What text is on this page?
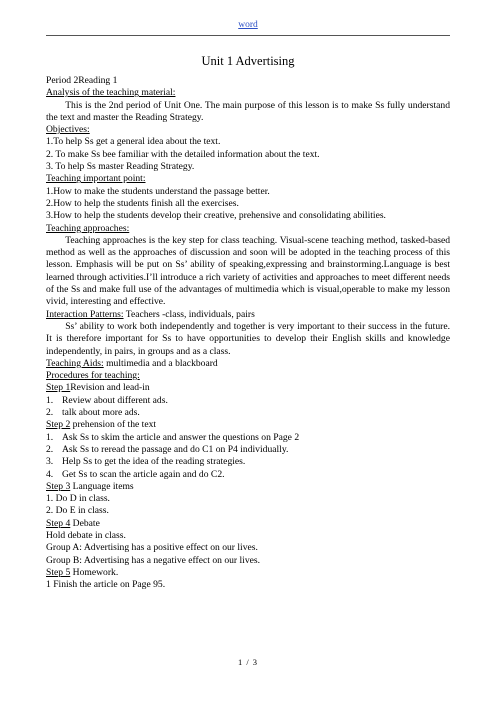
word
Unit 1 Advertising

Period 2Reading 1

Analysis of the teaching material:

This is the 2nd period of Unit One. The main purpose of this lesson is to make Ss fully understand the text and master the Reading Strategy.

Objectives:

1.To help Ss get a general idea about the text.

2. To make Ss bee familiar with the detailed information about the text.

3. To help Ss master Reading Strategy.

Teaching important point:

1.How to make the students understand the passage better.

2.How to help the students finish all the exercises.

3.How to help the students develop their creative, prehensive and consolidating abilities.

Teaching approaches:

Teaching approaches is the key step for class teaching. Visual-scene teaching method, tasked-based method as well as the approaches of discussion and soon will be adopted in the teaching process of this lesson. Emphasis will be put on Ss’ ability of speaking,expressing and brainstorming.Language is best learned through activities.I’ll introduce a rich variety of activities and approaches to meet different needs of the Ss and make full use of the advantages of multimedia which is visual,operable to make my lesson vivid, interesting and effective.

Interaction Patterns: Teachers -class, individuals, pairs

Ss’ ability to work both independently and together is very important to their success in the future. It is therefore important for Ss to have opportunities to develop their English skills and knowledge independently, in pairs, in groups and as a class.

Teaching Aids: multimedia and a blackboard

Procedures for teaching:

Step 1Revision and lead-in

1. Review about different ads.

2. talk about more ads.

Step 2 prehension of the text

1. Ask Ss to skim the article and answer the questions on Page 2

2. Ask Ss to reread the passage and do C1 on P4 individually.

3. Help Ss to get the idea of the reading strategies.

4. Get Ss to scan the article again and do C2.

Step 3 Language items

1. Do D in class.

2. Do E in class.

Step 4 Debate

Hold debate in class.

Group A: Advertising has a positive effect on our lives.

Group B: Advertising has a negative effect on our lives.

Step 5 Homework.

1 Finish the article on Page 95.

1 / 3
